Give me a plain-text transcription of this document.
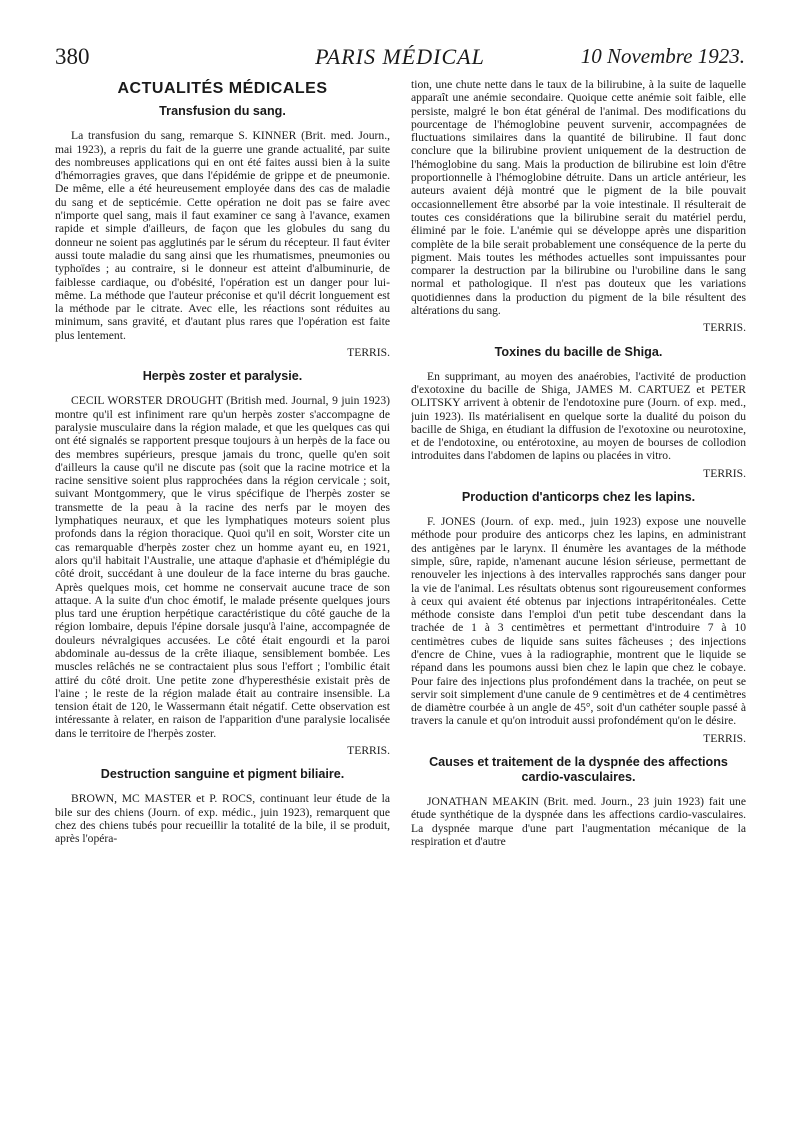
380	PARIS MÉDICAL	10 Novembre 1923.
ACTUALITÉS MÉDICALES
Transfusion du sang.

La transfusion du sang, remarque S. KINNER (Brit. med. Journ., mai 1923), a repris du fait de la guerre une grande actualité, par suite des nombreuses applications qui en ont été faites aussi bien à la suite d'hémorragies graves, que dans l'épidémie de grippe et de pneumonie. De même, elle a été heureusement employée dans des cas de maladie du sang et de septicémie. Cette opération ne doit pas se faire avec n'importe quel sang, mais il faut examiner ce sang à l'avance, examen rapide et simple d'ailleurs, de façon que les globules du sang du donneur ne soient pas agglutinés par le sérum du récepteur. Il faut éviter aussi toute maladie du sang ainsi que les rhumatismes, pneumonies ou typhoïdes ; au contraire, si le donneur est atteint d'albuminurie, de faiblesse cardiaque, ou d'obésité, l'opération est un danger pour lui-même. La méthode que l'auteur préconise et qu'il décrit longuement est la méthode par le citrate. Avec elle, les réactions sont réduites au minimum, sans gravité, et d'autant plus rares que l'opération est faite plus lentement.

TERRIS.

Herpès zoster et paralysie.

CECIL WORSTER DROUGHT (British med. Journal, 9 juin 1923) montre qu'il est infiniment rare qu'un herpès zoster s'accompagne de paralysie musculaire dans la région malade, et que les quelques cas qui ont été signalés se rapportent presque toujours à un herpès de la face ou des membres supérieurs, presque jamais du tronc, quelle qu'en soit d'ailleurs la cause qu'il ne discute pas (soit que la racine motrice et la racine sensitive soient plus rapprochées dans la région cervicale ; soit, suivant Montgommery, que le virus spécifique de l'herpès zoster se transmette de la peau à la racine des nerfs par le moyen des lymphatiques neuraux, et que les lymphatiques moteurs soient plus profonds dans la région thoracique. Quoi qu'il en soit, Worster cite un cas remarquable d'herpès zoster chez un homme ayant eu, en 1921, alors qu'il habitait l'Australie, une attaque d'aphasie et d'hémiplégie du côté droit, succédant à une douleur de la face interne du bras gauche. Après quelques mois, cet homme ne conservait aucune trace de son attaque. A la suite d'un choc émotif, le malade présente quelques jours plus tard une éruption herpétique caractéristique du côté gauche de la région lombaire, depuis l'épine dorsale jusqu'à l'aine, accompagnée de douleurs névralgiques accusées. Le côté était engourdi et la paroi abdominale au-dessus de la crête iliaque, sensiblement bombée. Les muscles relâchés ne se contractaient plus sous l'effort ; l'ombilic était attiré du côté droit. Une petite zone d'hyperesthésie existait près de l'aine ; le reste de la région malade était au contraire insensible. La tension était de 120, le Wassermann était négatif. Cette observation est intéressante à relater, en raison de l'apparition d'une paralysie localisée dans le territoire de l'herpès zoster.

TERRIS.

Destruction sanguine et pigment biliaire.

BROWN, MC MASTER et P. ROCS, continuant leur étude de la bile sur des chiens (Journ. of exp. médic., juin 1923), remarquent que chez des chiens tubés pour recueillir la totalité de la bile, il se produit, après l'opéra-

tion, une chute nette dans le taux de la bilirubine, à la suite de laquelle apparaît une anémie secondaire. Quoique cette anémie soit faible, elle persiste, malgré le bon état général de l'animal. Des modifications du pourcentage de l'hémoglobine peuvent survenir, accompagnées de fluctuations similaires dans la quantité de bilirubine. Il faut donc conclure que la bilirubine provient uniquement de la destruction de l'hémoglobine du sang. Mais la production de bilirubine est loin d'être proportionnelle à l'hémoglobine détruite. Dans un article antérieur, les auteurs avaient déjà montré que le pigment de la bile pouvait occasionnellement être absorbé par la voie intestinale. Il résulterait de toutes ces considérations que la bilirubine serait du matériel perdu, éliminé par le foie. L'anémie qui se développe après une disparition complète de la bile serait probablement une conséquence de la perte du pigment. Mais toutes les méthodes actuelles sont impuissantes pour comparer la destruction par la bilirubine ou l'urobiline dans le sang normal et pathologique. Il n'est pas douteux que les variations quotidiennes dans la production du pigment de la bile résultent des altérations du sang.

TERRIS.

Toxines du bacille de Shiga.

En supprimant, au moyen des anaérobies, l'activité de production d'exotoxine du bacille de Shiga, JAMES M. CARTUEZ et PETER OLITSKY arrivent à obtenir de l'endotoxine pure (Journ. of exp. med., juin 1923). Ils matérialisent en quelque sorte la dualité du poison du bacille de Shiga, en étudiant la diffusion de l'exotoxine ou neurotoxine, et de l'endotoxine, ou entérotoxine, au moyen de bourses de collodion introduites dans l'abdomen de lapins ou placées in vitro.

TERRIS.

Production d'anticorps chez les lapins.

F. JONES (Journ. of exp. med., juin 1923) expose une nouvelle méthode pour produire des anticorps chez les lapins, en administrant des antigènes par le larynx. Il énumère les avantages de la méthode simple, sûre, rapide, n'amenant aucune lésion sérieuse, permettant de renouveler les injections à des intervalles rapprochés sans danger pour la vie de l'animal. Les résultats obtenus sont rigoureusement conformes à ceux qui avaient été obtenus par injections intrapéritonéales. Cette méthode consiste dans l'emploi d'un petit tube descendant dans la trachée de 1 à 3 centimètres et permettant d'introduire 7 à 10 centimètres cubes de liquide sans suites fâcheuses ; des injections d'encre de Chine, vues à la radiographie, montrent que le liquide se répand dans les poumons aussi bien chez le lapin que chez le cobaye. Pour faire des injections plus profondément dans la trachée, on peut se servir soit simplement d'une canule de 9 centimètres et de 4 centimètres de diamètre courbée à un angle de 45°, soit d'un cathéter souple passé à travers la canule et qu'on introduit aussi profondément qu'on le désire.

TERRIS.

Causes et traitement de la dyspnée des affections cardio-vasculaires.

JONATHAN MEAKIN (Brit. med. Journ., 23 juin 1923) fait une étude synthétique de la dyspnée dans les affections cardio-vasculaires. La dyspnée marque d'une part l'augmentation mécanique de la respiration et d'autre
